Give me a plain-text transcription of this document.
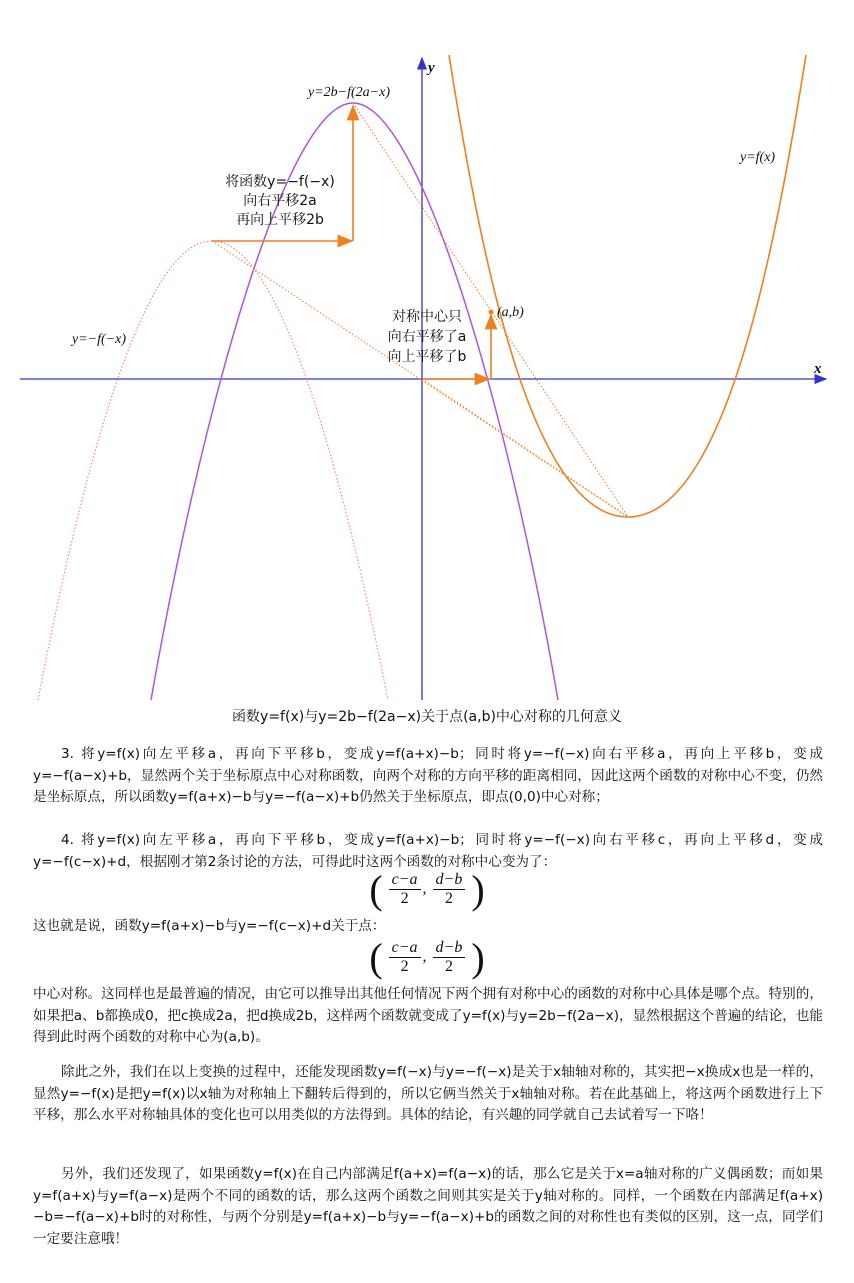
x
y
y=2b−f(2a−x)
y=f(x)
y=−f(−x)
(a,b)
将函数y=−f(−x)
向右平移2a
再向上平移2b
对称中心只
向右平移了a
向上平移了b
函数y=f(x)与y=2b−f(2a−x)关于点(a,b)中心对称的几何意义

3. 将y=f(x)向左平移a，再向下平移b，变成y=f(a+x)−b；同时将y=−f(−x)向右平移a，再向上平移b，变成y=−f(a−x)+b，显然两个关于坐标原点中心对称函数，向两个对称的方向平移的距离相同，因此这两个函数的对称中心不变，仍然是坐标原点，所以函数y=f(a+x)−b与y=−f(a−x)+b仍然关于坐标原点，即点(0,0)中心对称；

4. 将y=f(x)向左平移a，再向下平移b，变成y=f(a+x)−b；同时将y=−f(−x)向右平移c，再向上平移d，变成y=−f(c−x)+d，根据刚才第2条讨论的方法，可得此时这两个函数的对称中心变为了：

( $\frac{c-a}{2}$ , $\frac{d-b}{2}$ )

这也就是说，函数y=f(a+x)−b与y=−f(c−x)+d关于点：

( $\frac{c-a}{2}$ , $\frac{d-b}{2}$ )

中心对称。这同样也是最普遍的情况，由它可以推导出其他任何情况下两个拥有对称中心的函数的对称中心具体是哪个点。特别的，如果把a、b都换成0，把c换成2a，把d换成2b，这样两个函数就变成了y=f(x)与y=2b−f(2a−x)，显然根据这个普遍的结论，也能得到此时两个函数的对称中心为(a,b)。

除此之外，我们在以上变换的过程中，还能发现函数y=f(−x)与y=−f(−x)是关于x轴轴对称的，其实把−x换成x也是一样的，显然y=−f(x)是把y=f(x)以x轴为对称轴上下翻转后得到的，所以它俩当然关于x轴轴对称。若在此基础上，将这两个函数进行上下平移，那么水平对称轴具体的变化也可以用类似的方法得到。具体的结论，有兴趣的同学就自己去试着写一下咯！

另外，我们还发现了，如果函数y=f(x)在自己内部满足f(a+x)=f(a−x)的话，那么它是关于x=a轴对称的广义偶函数；而如果y=f(a+x)与y=f(a−x)是两个不同的函数的话，那么这两个函数之间则其实是关于y轴对称的。同样，一个函数在内部满足f(a+x)−b=−f(a−x)+b时的对称性，与两个分别是y=f(a+x)−b与y=−f(a−x)+b的函数之间的对称性也有类似的区别，这一点，同学们一定要注意哦！
